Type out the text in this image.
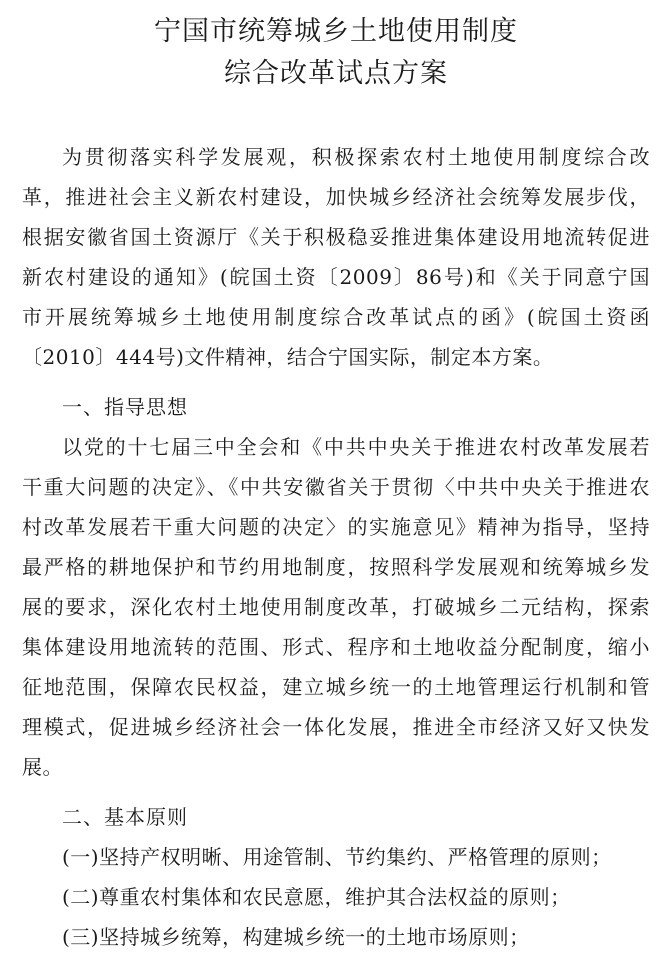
宁国市统筹城乡土地使用制度
综合改革试点方案
为贯彻落实科学发展观，积极探索农村土地使用制度综合改
革，推进社会主义新农村建设，加快城乡经济社会统筹发展步伐，
根据安徽省国土资源厅《关于积极稳妥推进集体建设用地流转促进
新农村建设的通知》(皖国土资〔2009〕86号)和《关于同意宁国
市开展统筹城乡土地使用制度综合改革试点的函》(皖国土资函
〔2010〕444号)文件精神，结合宁国实际，制定本方案。
一、指导思想
以党的十七届三中全会和《中共中央关于推进农村改革发展若
干重大问题的决定》、《中共安徽省关于贯彻〈中共中央关于推进农
村改革发展若干重大问题的决定〉的实施意见》精神为指导，坚持
最严格的耕地保护和节约用地制度，按照科学发展观和统筹城乡发
展的要求，深化农村土地使用制度改革，打破城乡二元结构，探索
集体建设用地流转的范围、形式、程序和土地收益分配制度，缩小
征地范围，保障农民权益，建立城乡统一的土地管理运行机制和管
理模式，促进城乡经济社会一体化发展，推进全市经济又好又快发
展。
二、基本原则
(一)坚持产权明晰、用途管制、节约集约、严格管理的原则；
(二)尊重农村集体和农民意愿，维护其合法权益的原则；
(三)坚持城乡统筹，构建城乡统一的土地市场原则；
